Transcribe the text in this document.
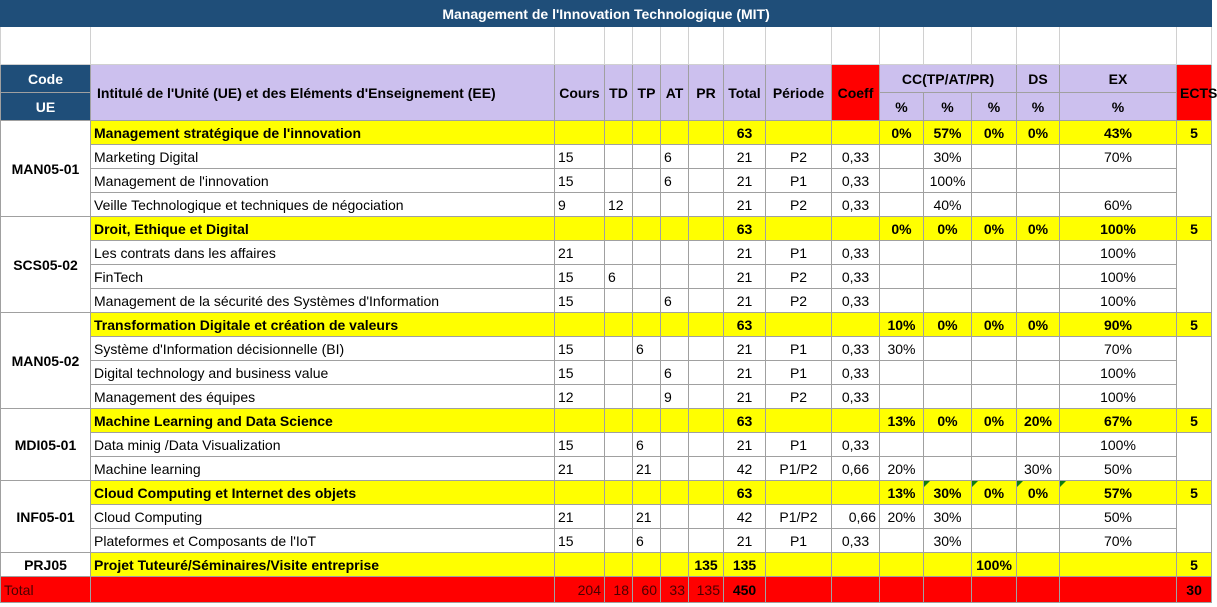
Management de l'Innovation Technologique (MIT)															

Code	Intitulé de l'Unité (UE) et des Eléments d'Enseignement (EE)	Cours	TD	TP	AT	PR	Total	Période	Coeff	CC(TP/AT/PR)			DS	EX	ECTS
UE										%	%	%	%	%	
MAN05-01	Management stratégique de l'innovation						63			0%	57%	0%	0%	43%	5
	Marketing Digital	15			6		21	P2	0,33		30%			70%	
	Management de l'innovation	15			6		21	P1	0,33		100%				
	Veille Technologique et techniques de négociation	9	12				21	P2	0,33		40%			60%	
SCS05-02	Droit, Ethique et Digital						63			0%	0%	0%	0%	100%	5
	Les contrats dans les affaires	21					21	P1	0,33					100%	
	FinTech	15	6				21	P2	0,33					100%	
	Management de la sécurité des Systèmes d'Information	15			6		21	P2	0,33					100%	
MAN05-02	Transformation Digitale et création de valeurs						63			10%	0%	0%	0%	90%	5
	Système d'Information décisionnelle (BI)	15		6			21	P1	0,33	30%				70%	
	Digital technology and business value	15			6		21	P1	0,33					100%	
	Management des équipes	12			9		21	P2	0,33					100%	
MDI05-01	Machine Learning and Data Science						63			13%	0%	0%	20%	67%	5
	Data minig /Data Visualization	15		6			21	P1	0,33					100%	
	Machine learning	21		21			42	P1/P2	0,66	20%			30%	50%	
INF05-01	Cloud Computing et Internet des objets						63			13%	30%	0%	0%	57%	5
	Cloud Computing	21		21			42	P1/P2	0,66	20%	30%			50%	
	Plateformes et Composants de l'IoT	15		6			21	P1	0,33		30%			70%	
PRJ05	Projet Tuteuré/Séminaires/Visite entreprise					135	135					100%			5
Total		204	18	60	33	135	450								30
